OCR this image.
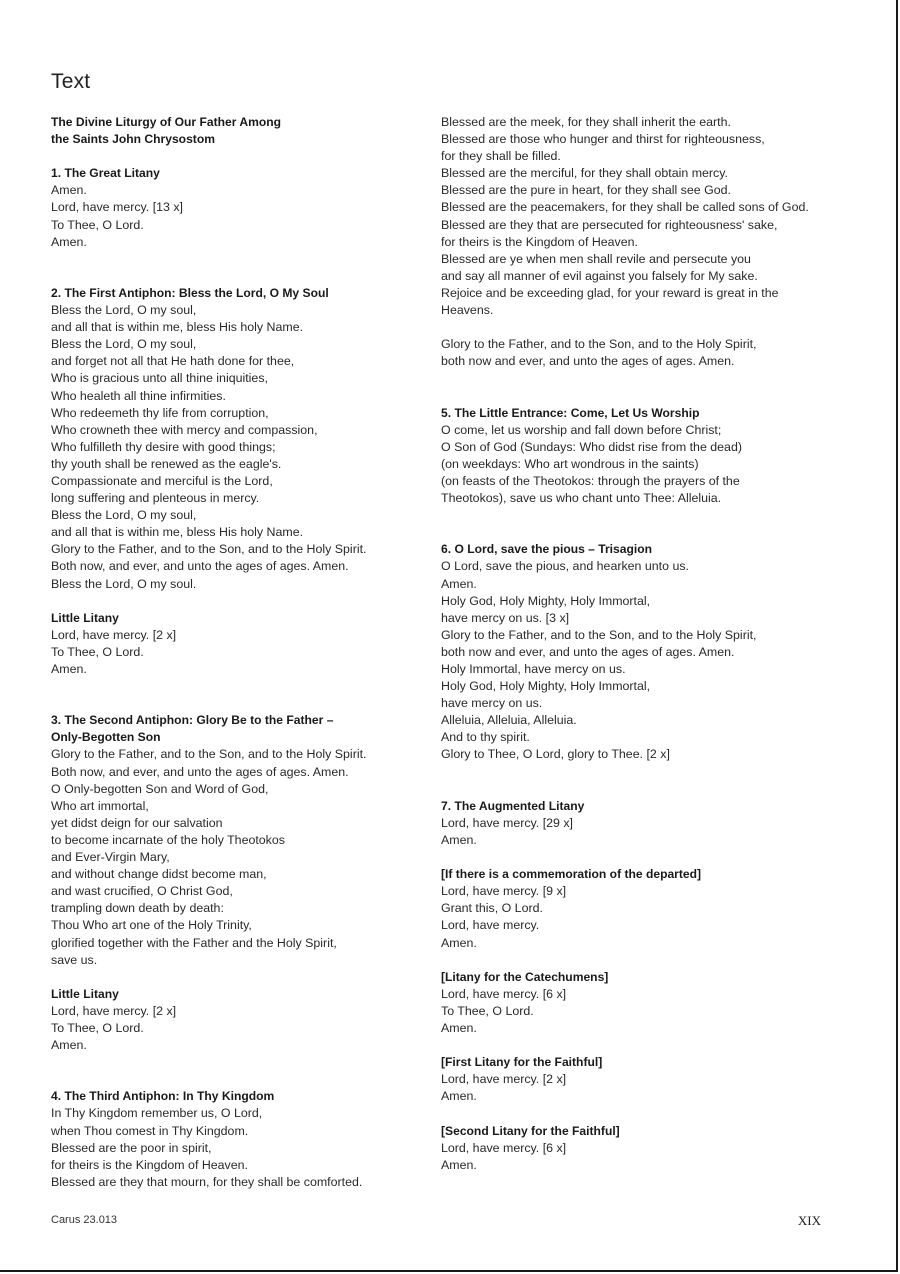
Text
The Divine Liturgy of Our Father Among
the Saints John Chrysostom
1. The Great Litany
Amen.
Lord, have mercy. [13 x]
To Thee, O Lord.
Amen.
2. The First Antiphon: Bless the Lord, O My Soul
Bless the Lord, O my soul,
and all that is within me, bless His holy Name.
Bless the Lord, O my soul,
and forget not all that He hath done for thee,
Who is gracious unto all thine iniquities,
Who healeth all thine infirmities.
Who redeemeth thy life from corruption,
Who crowneth thee with mercy and compassion,
Who fulfilleth thy desire with good things;
thy youth shall be renewed as the eagle's.
Compassionate and merciful is the Lord,
long suffering and plenteous in mercy.
Bless the Lord, O my soul,
and all that is within me, bless His holy Name.
Glory to the Father, and to the Son, and to the Holy Spirit.
Both now, and ever, and unto the ages of ages. Amen.
Bless the Lord, O my soul.
Little Litany
Lord, have mercy. [2 x]
To Thee, O Lord.
Amen.
3. The Second Antiphon: Glory Be to the Father –
Only-Begotten Son
Glory to the Father, and to the Son, and to the Holy Spirit.
Both now, and ever, and unto the ages of ages. Amen.
O Only-begotten Son and Word of God,
Who art immortal,
yet didst deign for our salvation
to become incarnate of the holy Theotokos
and Ever-Virgin Mary,
and without change didst become man,
and wast crucified, O Christ God,
trampling down death by death:
Thou Who art one of the Holy Trinity,
glorified together with the Father and the Holy Spirit,
save us.
Little Litany
Lord, have mercy. [2 x]
To Thee, O Lord.
Amen.
4. The Third Antiphon: In Thy Kingdom
In Thy Kingdom remember us, O Lord,
when Thou comest in Thy Kingdom.
Blessed are the poor in spirit,
for theirs is the Kingdom of Heaven.
Blessed are they that mourn, for they shall be comforted.
Blessed are the meek, for they shall inherit the earth.
Blessed are those who hunger and thirst for righteousness,
for they shall be filled.
Blessed are the merciful, for they shall obtain mercy.
Blessed are the pure in heart, for they shall see God.
Blessed are the peacemakers, for they shall be called sons of God.
Blessed are they that are persecuted for righteousness' sake,
for theirs is the Kingdom of Heaven.
Blessed are ye when men shall revile and persecute you
and say all manner of evil against you falsely for My sake.
Rejoice and be exceeding glad, for your reward is great in the
Heavens.
Glory to the Father, and to the Son, and to the Holy Spirit,
both now and ever, and unto the ages of ages. Amen.
5. The Little Entrance: Come, Let Us Worship
O come, let us worship and fall down before Christ;
O Son of God (Sundays: Who didst rise from the dead)
(on weekdays: Who art wondrous in the saints)
(on feasts of the Theotokos: through the prayers of the
Theotokos), save us who chant unto Thee: Alleluia.
6. O Lord, save the pious – Trisagion
O Lord, save the pious, and hearken unto us.
Amen.
Holy God, Holy Mighty, Holy Immortal,
have mercy on us. [3 x]
Glory to the Father, and to the Son, and to the Holy Spirit,
both now and ever, and unto the ages of ages. Amen.
Holy Immortal, have mercy on us.
Holy God, Holy Mighty, Holy Immortal,
have mercy on us.
Alleluia, Alleluia, Alleluia.
And to thy spirit.
Glory to Thee, O Lord, glory to Thee. [2 x]
7. The Augmented Litany
Lord, have mercy. [29 x]
Amen.
[If there is a commemoration of the departed]
Lord, have mercy. [9 x]
Grant this, O Lord.
Lord, have mercy.
Amen.
[Litany for the Catechumens]
Lord, have mercy. [6 x]
To Thee, O Lord.
Amen.
[First Litany for the Faithful]
Lord, have mercy. [2 x]
Amen.
[Second Litany for the Faithful]
Lord, have mercy. [6 x]
Amen.
Carus 23.013	XIX
